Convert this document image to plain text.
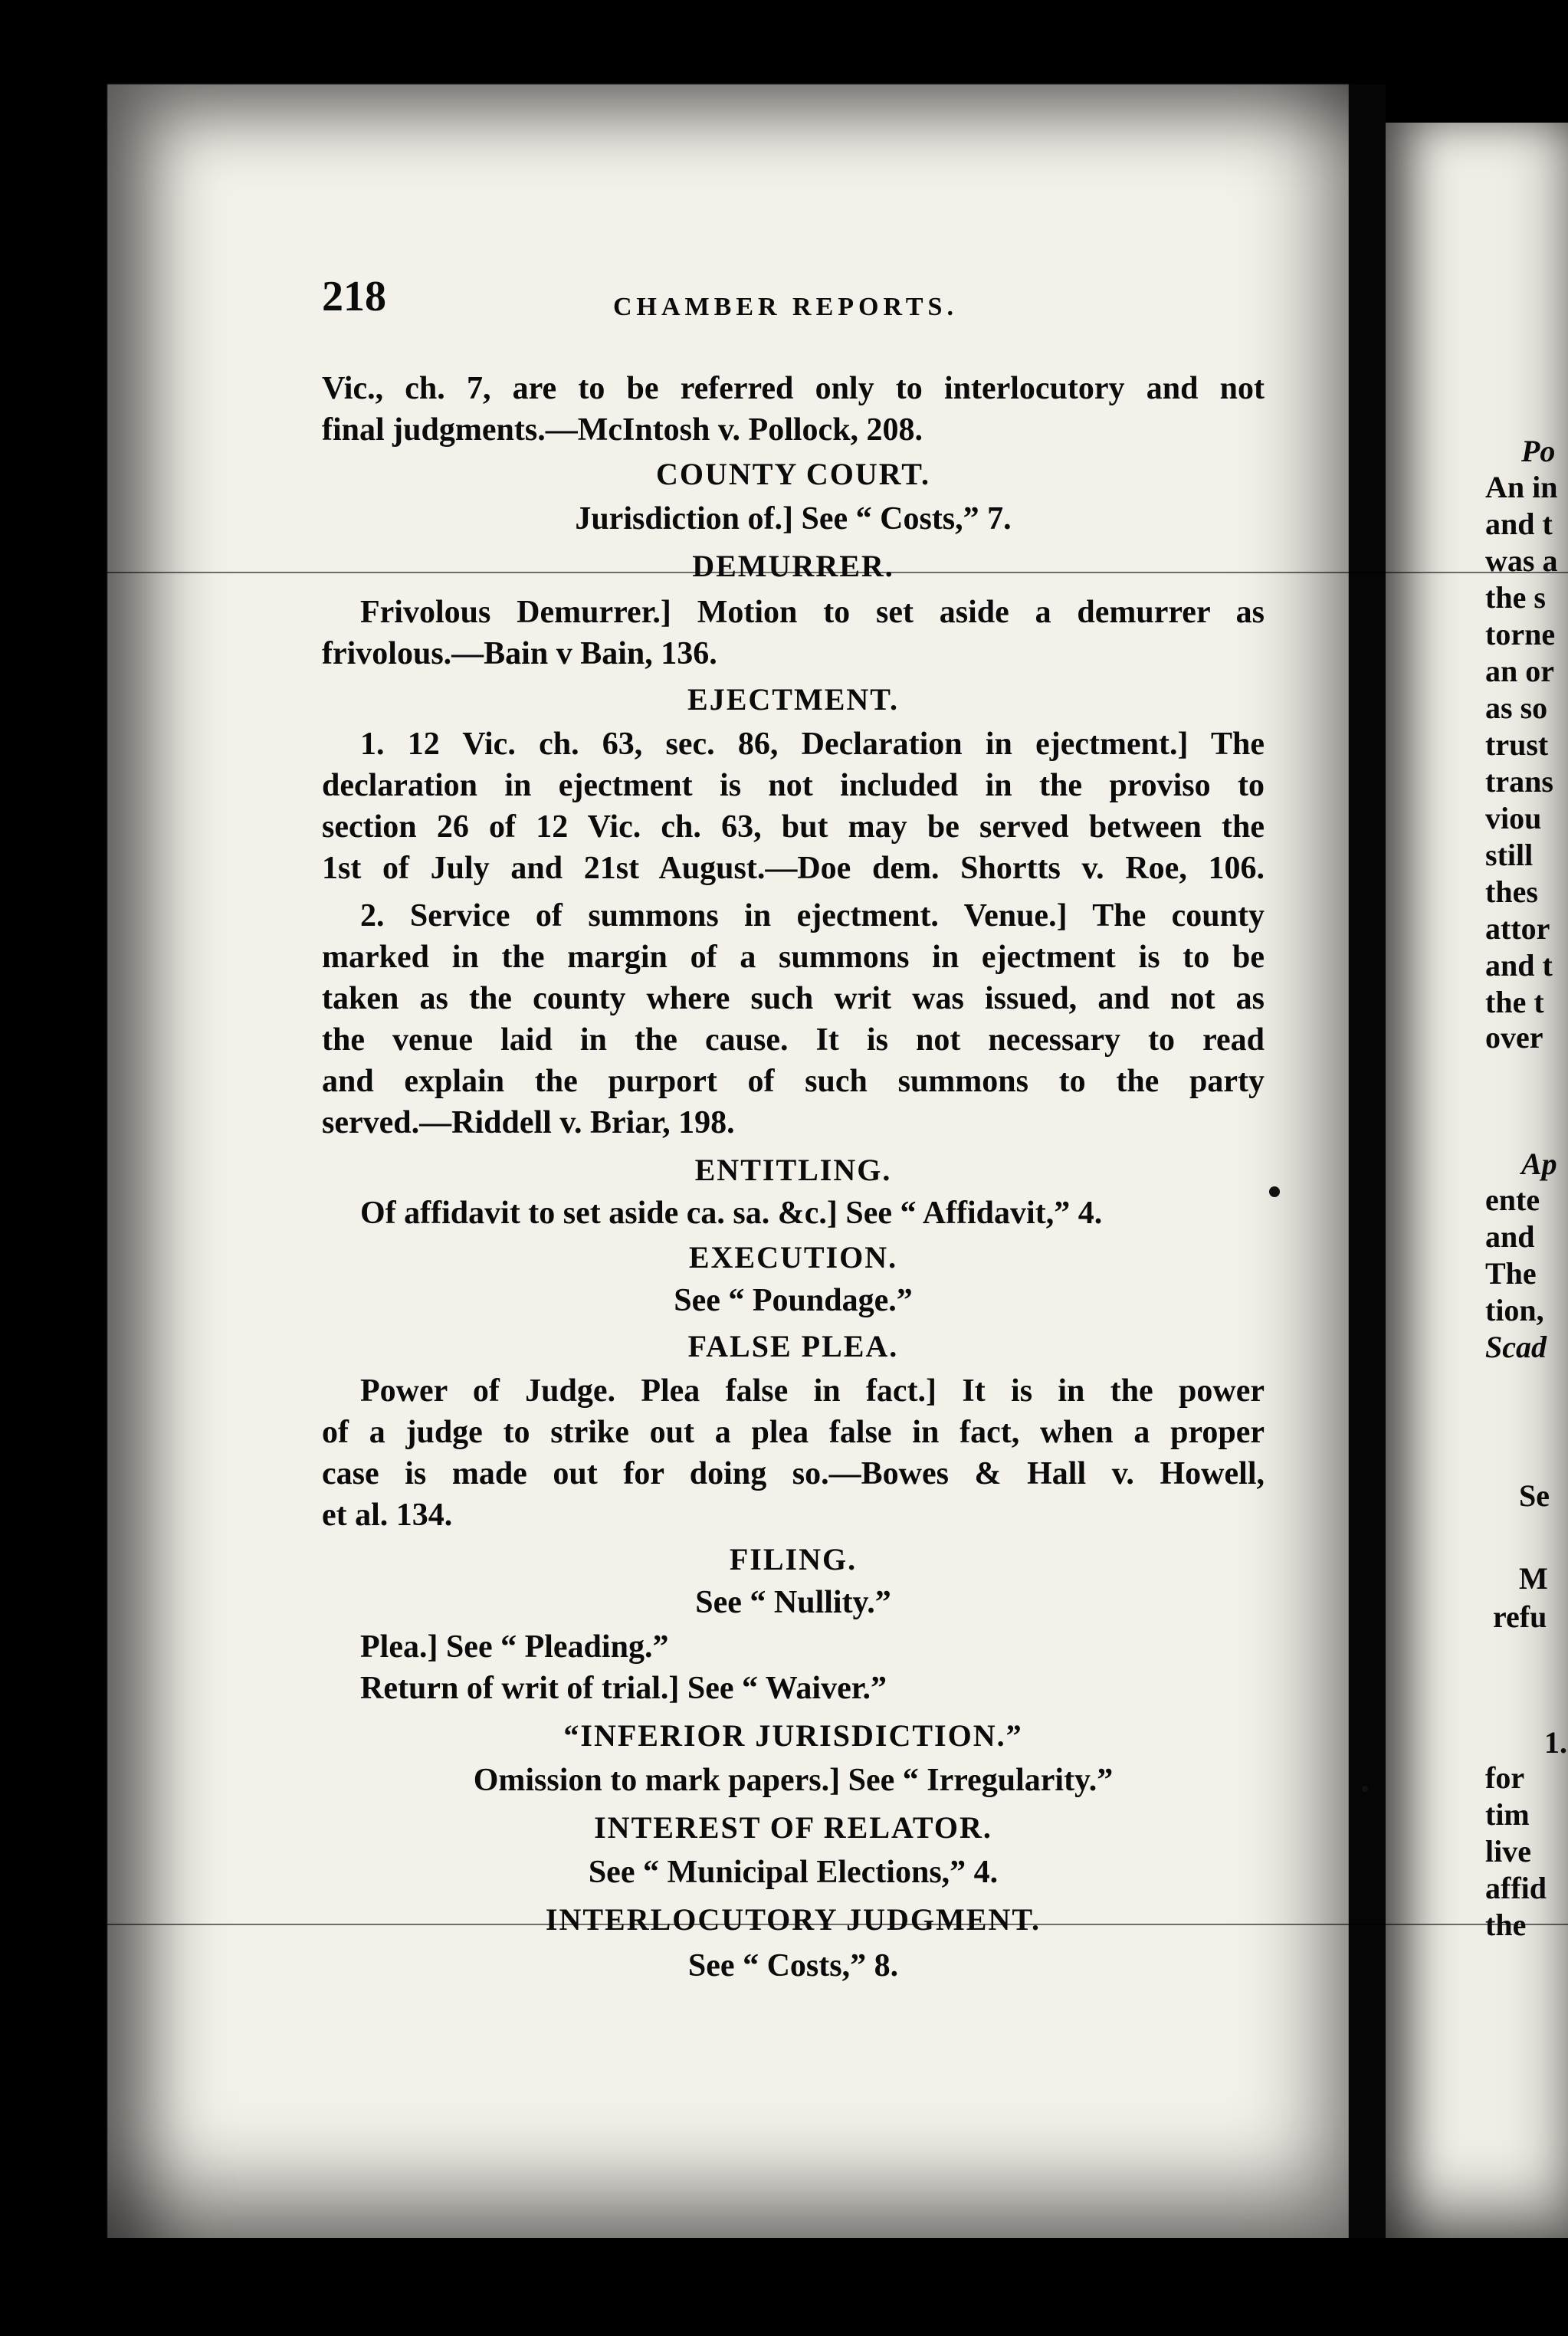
218	CHAMBER REPORTS.
Vic., ch. 7, are to be referred only to interlocutory and not
final judgments.—McIntosh v. Pollock, 208.
COUNTY COURT.
Jurisdiction of.] See “ Costs,” 7.
DEMURRER.
Frivolous Demurrer.] Motion to set aside a demurrer as
frivolous.—Bain v Bain, 136.
EJECTMENT.
1. 12 Vic. ch. 63, sec. 86, Declaration in ejectment.] The
declaration in ejectment is not included in the proviso to
section 26 of 12 Vic. ch. 63, but may be served between the
1st of July and 21st August.—Doe dem. Shortts v. Roe, 106.
2. Service of summons in ejectment. Venue.] The county
marked in the margin of a summons in ejectment is to be
taken as the county where such writ was issued, and not as
the venue laid in the cause. It is not necessary to read
and explain the purport of such summons to the party
served.—Riddell v. Briar, 198.
ENTITLING.
Of affidavit to set aside ca. sa. &c.] See “ Affidavit,” 4.
EXECUTION.
See “ Poundage.”
FALSE PLEA.
Power of Judge. Plea false in fact.] It is in the power
of a judge to strike out a plea false in fact, when a proper
case is made out for doing so.—Bowes & Hall v. Howell,
et al. 134.
FILING.
See “ Nullity.”
Plea.] See “ Pleading.”
Return of writ of trial.] See “ Waiver.”
“INFERIOR JURISDICTION.”
Omission to mark papers.] See “ Irregularity.”
INTEREST OF RELATOR.
See “ Municipal Elections,” 4.
INTERLOCUTORY JUDGMENT.
See “ Costs,” 8.
Po
An in
and t
was a
the s
torne
an or
as so
trust
trans
viou
still
thes
attor
and t
the t
over
Ap
ente
and
The
tion,
Scad
Se
M
refu
1.
for
tim
live
affid
the
